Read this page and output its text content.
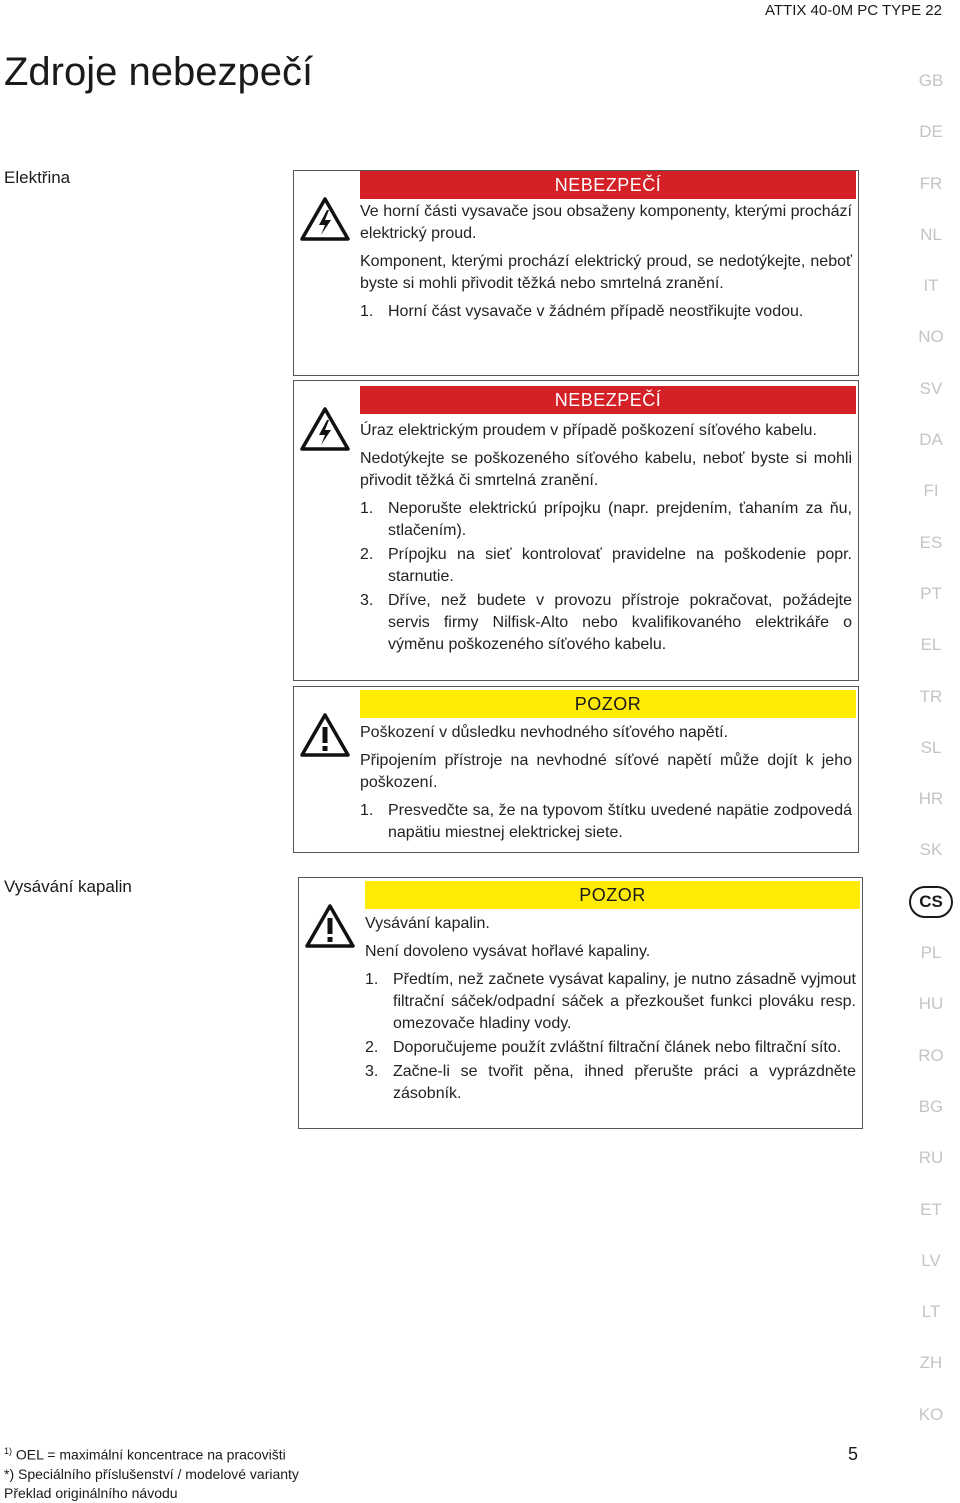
ATTIX 40-0M PC TYPE 22
Zdroje nebezpečí
Elektřina
Vysávání kapalin
NEBEZPEČÍ

Ve horní části vysavače jsou obsaženy komponenty, kterými prochází elektrický proud.

Komponent, kterými prochází elektrický proud, se nedotýkejte, neboť byste si mohli přivodit těžká nebo smrtelná zranění.

1. Horní část vysavače v žádném případě neostřikujte vodou.
NEBEZPEČÍ

Úraz elektrickým proudem v případě poškození síťového kabelu.

Nedotýkejte se poškozeného síťového kabelu, neboť byste si mohli přivodit těžká či smrtelná zranění.

1. Neporušte elektrickú prípojku (napr. prejdením, ťahaním za ňu, stlačením).
2. Prípojku na sieť kontrolovať pravidelne na poškodenie popr. starnutie.
3. Dříve, než budete v provozu přístroje pokračovat, požádejte servis firmy Nilfisk-Alto nebo kvalifikovaného elektrikáře o výměnu poškozeného síťového kabelu.
POZOR

Poškození v důsledku nevhodného síťového napětí.

Připojením přístroje na nevhodné síťové napětí může dojít k jeho poškození.

1. Presvedčte sa, že na typovom štítku uvedené napätie zodpovedá napätiu miestnej elektrickej siete.
POZOR

Vysávání kapalin.

Není dovoleno vysávat hořlavé kapaliny.

1. Předtím, než začnete vysávat kapaliny, je nutno zásadně vyjmout filtrační sáček/odpadní sáček a přezkoušet funkci plováku resp. omezovače hladiny vody.
2. Doporučujeme použít zvláštní filtrační článek nebo filtrační síto.
3. Začne-li se tvořit pěna, ihned přerušte práci a vyprázdněte zásobník.
GB
DE
FR
NL
IT
NO
SV
DA
FI
ES
PT
EL
TR
SL
HR
SK
CS
PL
HU
RO
BG
RU
ET
LV
LT
ZH
KO
$^{1)}$ OEL = maximální koncentrace na pracovišti
*) Speciálního příslušenství / modelové varianty
Překlad originálního návodu
5
